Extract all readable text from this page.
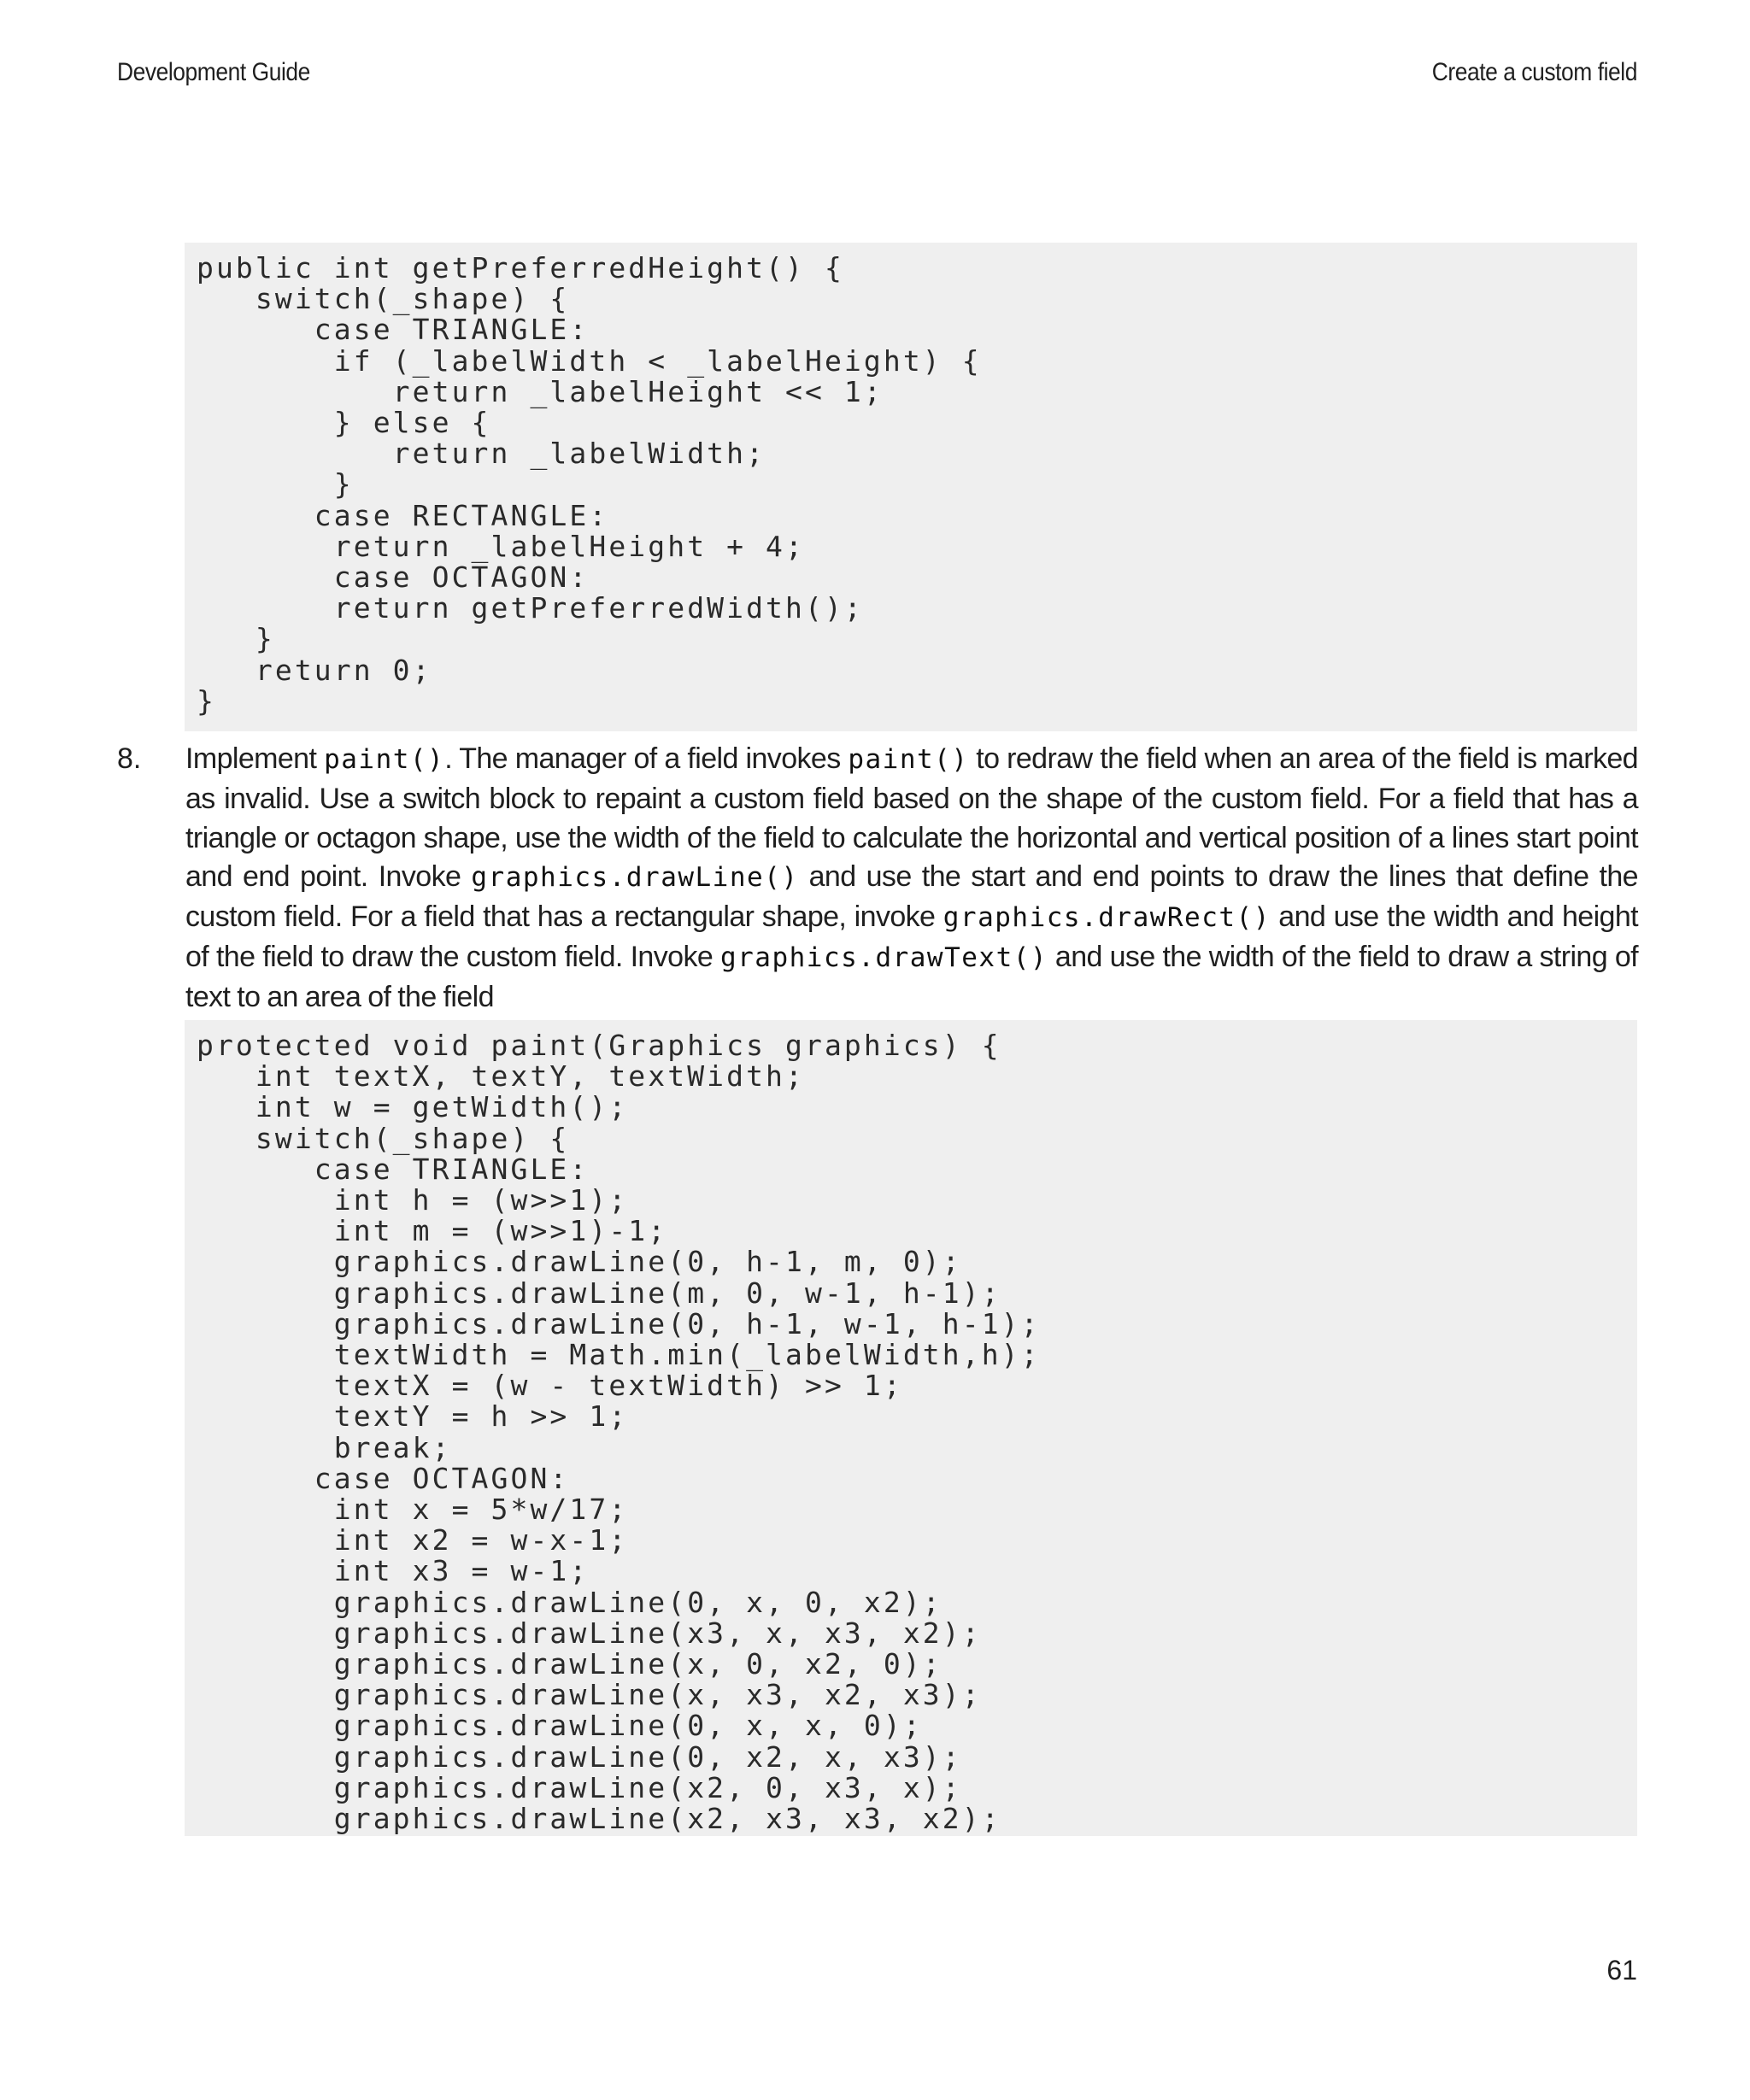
Development Guide	Create a custom field
public int getPreferredHeight() {
switch(_shape) {
case TRIANGLE:
if (_labelWidth < _labelHeight) {
return _labelHeight << 1;
} else {
return _labelWidth;
}
case RECTANGLE:
return _labelHeight + 4;
case OCTAGON:
return getPreferredWidth();
}
return 0;
}
8. Implement paint(). The manager of a field invokes paint() to redraw the field when an area of the field is marked as invalid. Use a switch block to repaint a custom field based on the shape of the custom field. For a field that has a triangle or octagon shape, use the width of the field to calculate the horizontal and vertical position of a lines start point and end point. Invoke graphics.drawLine() and use the start and end points to draw the lines that define the custom field. For a field that has a rectangular shape, invoke graphics.drawRect() and use the width and height of the field to draw the custom field. Invoke graphics.drawText() and use the width of the field to draw a string of text to an area of the field
protected void paint(Graphics graphics) {
int textX, textY, textWidth;
int w = getWidth();
switch(_shape) {
case TRIANGLE:
int h = (w>>1);
int m = (w>>1)-1;
graphics.drawLine(0, h-1, m, 0);
graphics.drawLine(m, 0, w-1, h-1);
graphics.drawLine(0, h-1, w-1, h-1);
textWidth = Math.min(_labelWidth,h);
textX = (w - textWidth) >> 1;
textY = h >> 1;
break;
case OCTAGON:
int x = 5*w/17;
int x2 = w-x-1;
int x3 = w-1;
graphics.drawLine(0, x, 0, x2);
graphics.drawLine(x3, x, x3, x2);
graphics.drawLine(x, 0, x2, 0);
graphics.drawLine(x, x3, x2, x3);
graphics.drawLine(0, x, x, 0);
graphics.drawLine(0, x2, x, x3);
graphics.drawLine(x2, 0, x3, x);
graphics.drawLine(x2, x3, x3, x2);
61
